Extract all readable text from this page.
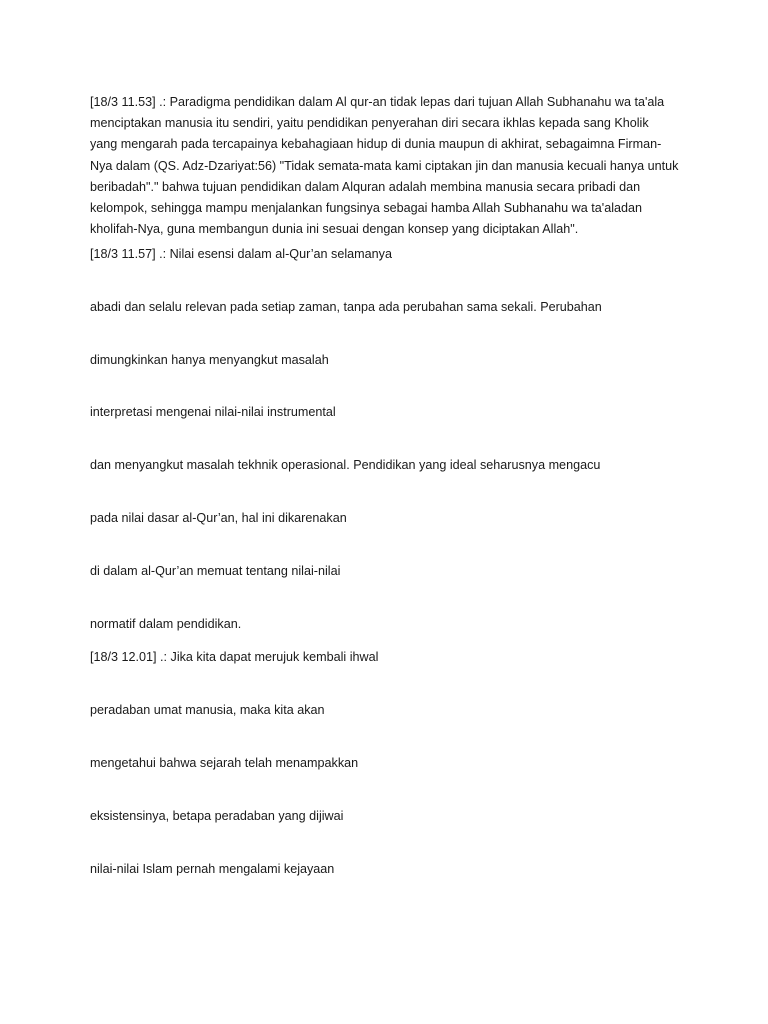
[18/3 11.53] .: Paradigma pendidikan dalam Al qur-an tidak lepas dari tujuan Allah Subhanahu wa ta'ala
menciptakan manusia itu sendiri, yaitu pendidikan penyerahan diri secara ikhlas kepada sang Kholik
yang mengarah pada tercapainya kebahagiaan hidup di dunia maupun di akhirat, sebagaimna Firman-
Nya dalam (QS. Adz-Dzariyat:56) "Tidak semata-mata kami ciptakan jin dan manusia kecuali hanya untuk
beribadah"." bahwa tujuan pendidikan dalam Alquran adalah membina manusia secara pribadi dan
kelompok, sehingga mampu menjalankan fungsinya sebagai hamba Allah Subhanahu wa ta'aladan
kholifah-Nya, guna membangun dunia ini sesuai dengan konsep yang diciptakan Allah".

[18/3 11.57] .: Nilai esensi dalam al-Qur’an selamanya

abadi dan selalu relevan pada setiap zaman, tanpa ada perubahan sama sekali. Perubahan

dimungkinkan hanya menyangkut masalah

interpretasi mengenai nilai-nilai instrumental

dan menyangkut masalah tekhnik operasional. Pendidikan yang ideal seharusnya mengacu

pada nilai dasar al-Qur’an, hal ini dikarenakan

di dalam al-Qur’an memuat tentang nilai-nilai

normatif dalam pendidikan.

[18/3 12.01] .: Jika kita dapat merujuk kembali ihwal

peradaban umat manusia, maka kita akan

mengetahui bahwa sejarah telah menampakkan

eksistensinya, betapa peradaban yang dijiwai

nilai-nilai Islam pernah mengalami kejayaan
